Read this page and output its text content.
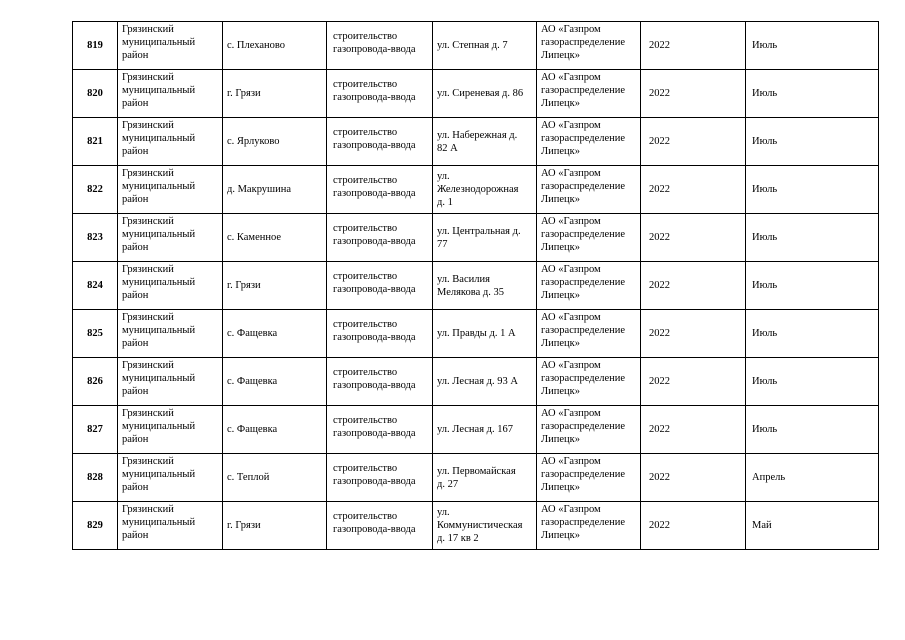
819	Грязинский муниципальный район	с. Плеханово	строительство газопровода-ввода	ул. Степная д. 7	АО «Газпром газораспределение Липецк»	2022	Июль
820	Грязинский муниципальный район	г. Грязи	строительство газопровода-ввода	ул. Сиреневая д. 86	АО «Газпром газораспределение Липецк»	2022	Июль
821	Грязинский муниципальный район	с. Ярлуково	строительство газопровода-ввода	ул. Набережная д.
82 А	АО «Газпром газораспределение Липецк»	2022	Июль
822	Грязинский муниципальный район	д. Макрушина	строительство газопровода-ввода	ул.
Железнодорожная
д. 1	АО «Газпром газораспределение Липецк»	2022	Июль
823	Грязинский муниципальный район	с. Каменное	строительство газопровода-ввода	ул. Центральная д.
77	АО «Газпром газораспределение Липецк»	2022	Июль
824	Грязинский муниципальный район	г. Грязи	строительство газопровода-ввода	ул. Василия
Мелякова д. 35	АО «Газпром газораспределение Липецк»	2022	Июль
825	Грязинский муниципальный район	с. Фащевка	строительство газопровода-ввода	ул. Правды д. 1 А	АО «Газпром газораспределение Липецк»	2022	Июль
826	Грязинский муниципальный район	с. Фащевка	строительство газопровода-ввода	ул. Лесная д. 93 А	АО «Газпром газораспределение Липецк»	2022	Июль
827	Грязинский муниципальный район	с. Фащевка	строительство газопровода-ввода	ул. Лесная д. 167	АО «Газпром газораспределение Липецк»	2022	Июль
828	Грязинский муниципальный район	с. Теплой	строительство газопровода-ввода	ул. Первомайская
д. 27	АО «Газпром газораспределение Липецк»	2022	Апрель
829	Грязинский муниципальный район	г. Грязи	строительство газопровода-ввода	ул.
Коммунистическая
д. 17 кв 2	АО «Газпром газораспределение Липецк»	2022	Май
